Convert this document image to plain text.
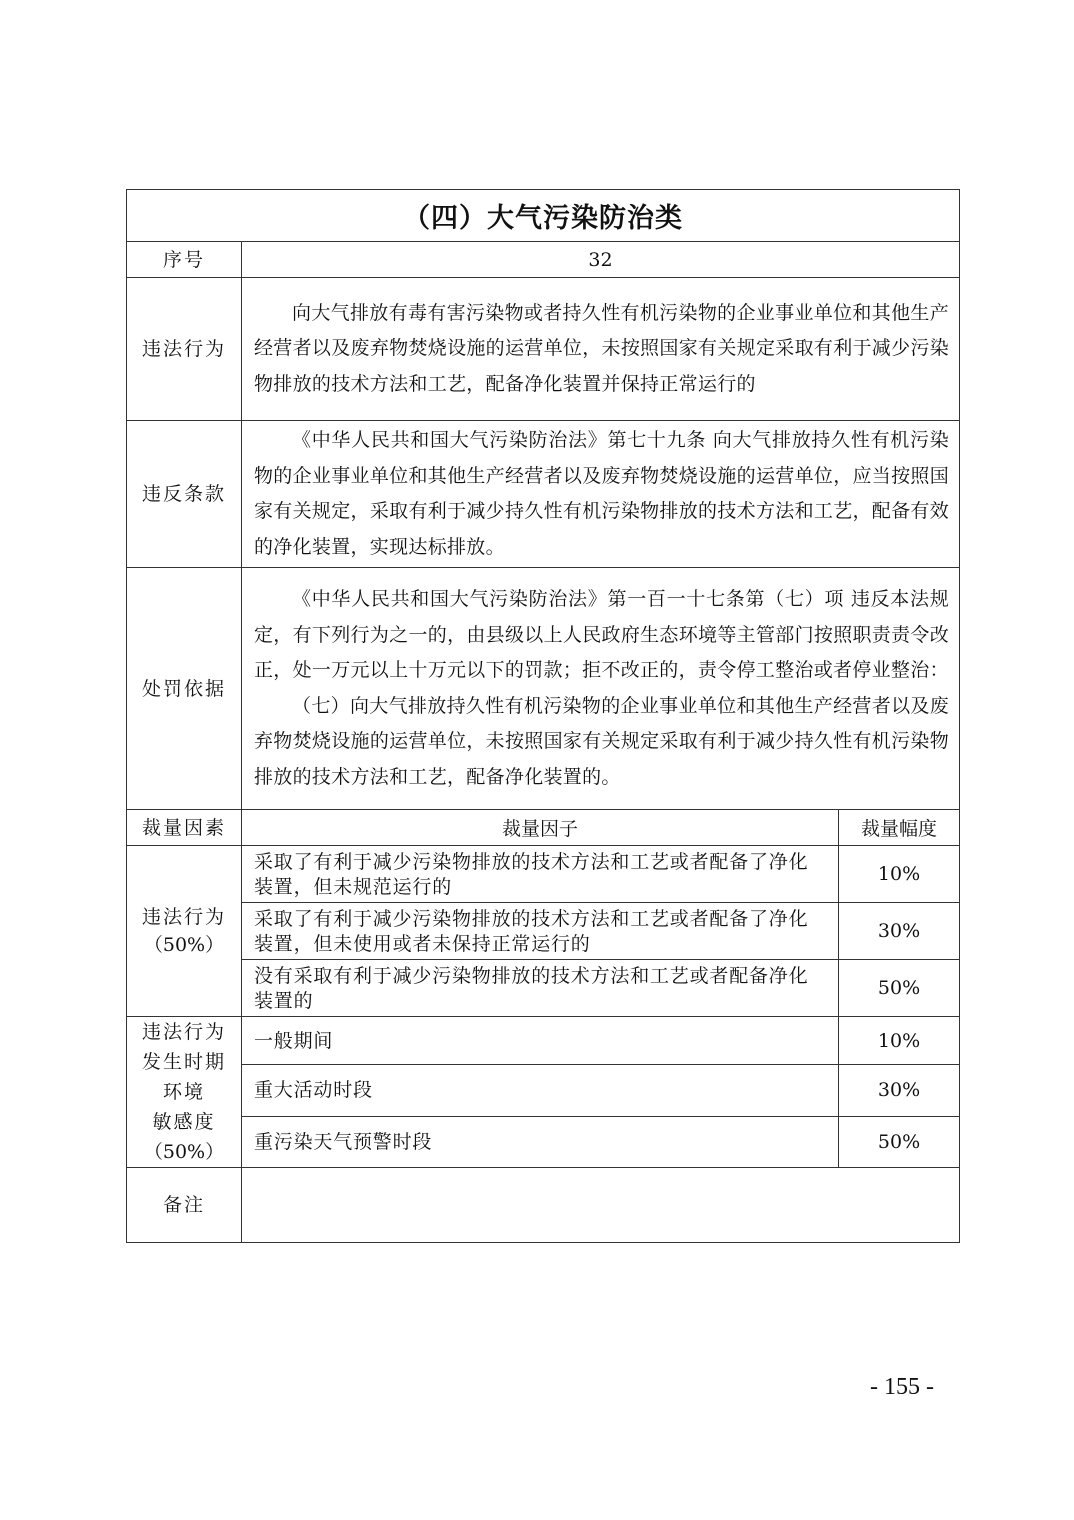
（四）大气污染防治类		
序号	32	
违法行为	向大气排放有毒有害污染物或者持久性有机污染物的企业事业单位和其他生产经营者以及废弃物焚烧设施的运营单位，未按照国家有关规定采取有利于减少污染物排放的技术方法和工艺，配备净化装置并保持正常运行的	

违反条款	《中华人民共和国大气污染防治法》第七十九条 向大气排放持久性有机污染物的企业事业单位和其他生产经营者以及废弃物焚烧设施的运营单位，应当按照国家有关规定，采取有利于减少持久性有机污染物排放的技术方法和工艺，配备有效的净化装置，实现达标排放。	

处罚依据	《中华人民共和国大气污染防治法》第一百一十七条第（七）项 违反本法规定，有下列行为之一的，由县级以上人民政府生态环境等主管部门按照职责责令改正，处一万元以上十万元以下的罚款；拒不改正的，责令停工整治或者停业整治：

（七）向大气排放持久性有机污染物的企业事业单位和其他生产经营者以及废弃物焚烧设施的运营单位，未按照国家有关规定采取有利于减少持久性有机污染物排放的技术方法和工艺，配备净化装置的。	

裁量因素	裁量因子	裁量幅度

违法行为
（50%）	采取了有利于减少污染物排放的技术方法和工艺或者配备了净化装置，但未规范运行的	10%
	采取了有利于减少污染物排放的技术方法和工艺或者配备了净化装置，但未使用或者未保持正常运行的	30%
	没有采取有利于减少污染物排放的技术方法和工艺或者配备净化装置的	50%

违法行为
发生时期
环境
敏感度
（50%）	一般期间	10%
	重大活动时段	30%
	重污染天气预警时段	50%
备注		
- 155 -
